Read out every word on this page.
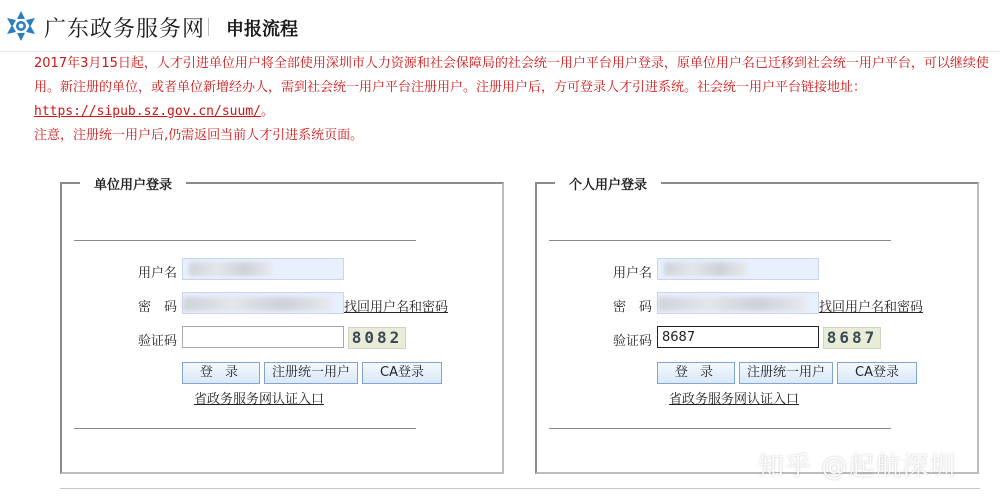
广东政务服务网 申报流程
2017年3月15日起，人才引进单位用户将全部使用深圳市人力资源和社会保障局的社会统一用户平台用户登录，原单位用户名已迁移到社会统一用户平台，可以继续使用。新注册的单位，或者单位新增经办人，需到社会统一用户平台注册用户。注册用户后，方可登录人才引进系统。社会统一用户平台链接地址：
https://sipub.sz.gov.cn/suum/。
注意，注册统一用户后,仍需返回当前人才引进系统页面。
单位用户登录
用户名
密　码	找回用户名和密码
验证码	8082
登 录	注册统一用户	CA登录
省政务服务网认证入口
个人用户登录
用户名
密　码	找回用户名和密码
验证码
8687	8687
登 录	注册统一用户	CA登录
省政务服务网认证入口
知乎 @起航深圳
